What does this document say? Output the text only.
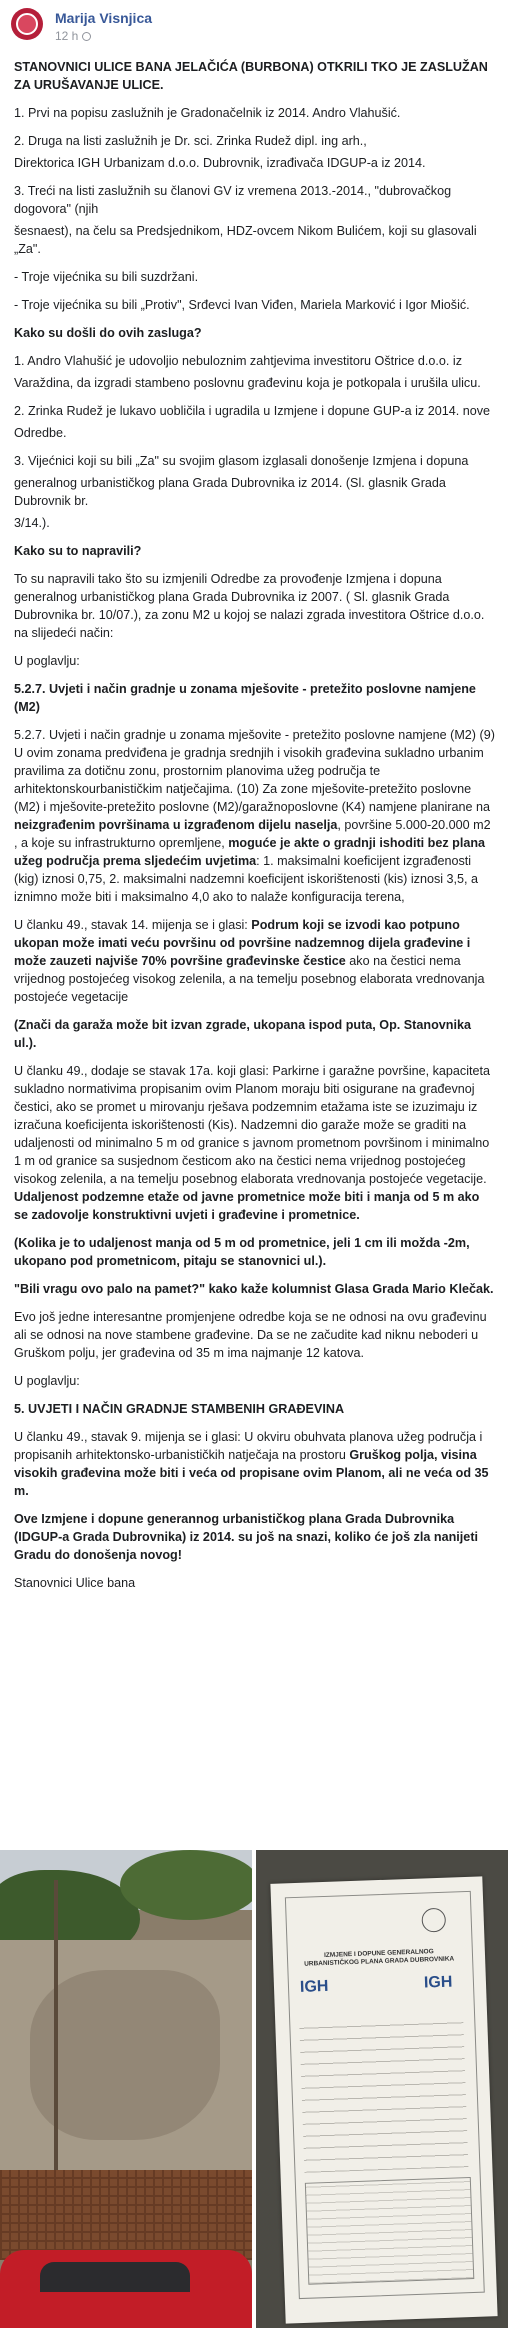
Marija Visnjica
12 h

STANOVNICI ULICE BANA JELAČIĆA (BURBONA) OTKRILI TKO JE ZASLUŽAN ZA URUŠAVANJE ULICE.

1. Prvi na popisu zaslužnih je Gradonačelnik iz 2014. Andro Vlahušić.

2. Druga na listi zaslužnih je Dr. sci. Zrinka Rudež dipl. ing arh.,

Direktorica IGH Urbanizam d.o.o. Dubrovnik, izrađivača IDGUP-a iz 2014.

3. Treći na listi zaslužnih su članovi GV iz vremena 2013.-2014., "dubrovačkog dogovora" (njih

šesnaest), na čelu sa Predsjednikom, HDZ-ovcem Nikom Bulićem, koji su glasovali „Za".

- Troje vijećnika su bili suzdržani.

- Troje vijećnika su bili „Protiv", Srđevci Ivan Viđen, Mariela Marković i Igor Miošić.

Kako su došli do ovih zasluga?

1. Andro Vlahušić je udovoljio nebuloznim zahtjevima investitoru Oštrice d.o.o. iz

Varaždina, da izgradi stambeno poslovnu građevinu koja je potkopala i urušila ulicu.

2. Zrinka Rudež je lukavo uobličila i ugradila u Izmjene i dopune GUP-a iz 2014. nove

Odredbe.

3. Vijećnici koji su bili „Za" su svojim glasom izglasali donošenje Izmjena i dopuna

generalnog urbanističkog plana Grada Dubrovnika iz 2014. (Sl. glasnik Grada Dubrovnik br.

3/14.).

Kako su to napravili?

To su napravili tako što su izmjenili Odredbe za provođenje Izmjena i dopuna generalnog urbanističkog plana Grada Dubrovnika iz 2007. ( Sl. glasnik Grada Dubrovnika br. 10/07.), za zonu M2 u kojoj se nalazi zgrada investitora Oštrice d.o.o. na slijedeći način:

U poglavlju:

5.2.7. Uvjeti i način gradnje u zonama mješovite - pretežito poslovne namjene (M2)

5.2.7. Uvjeti i način gradnje u zonama mješovite - pretežito poslovne namjene (M2) (9) U ovim zonama predviđena je gradnja srednjih i visokih građevina sukladno urbanim pravilima za dotičnu zonu, prostornim planovima užeg područja te arhitektonskourbanističkim natječajima. (10) Za zone mješovite-pretežito poslovne (M2) i mješovite-pretežito poslovne (M2)/garažnoposlovne (K4) namjene planirane na neizgrađenim površinama u izgrađenom dijelu naselja, površine 5.000-20.000 m2 , a koje su infrastrukturno opremljene, moguće je akte o gradnji ishoditi bez plana užeg područja prema sljedećim uvjetima: 1. maksimalni koeficijent izgrađenosti (kig) iznosi 0,75, 2. maksimalni nadzemni koeficijent iskorištenosti (kis) iznosi 3,5, a iznimno može biti i maksimalno 4,0 ako to nalaže konfiguracija terena,

U članku 49., stavak 14. mijenja se i glasi: Podrum koji se izvodi kao potpuno ukopan može imati veću površinu od površine nadzemnog dijela građevine i može zauzeti najviše 70% površine građevinske čestice ako na čestici nema vrijednog postojećeg visokog zelenila, a na temelju posebnog elaborata vrednovanja postojeće vegetacije

(Znači da garaža može bit izvan zgrade, ukopana ispod puta, Op. Stanovnika ul.).

U članku 49., dodaje se stavak 17a. koji glasi: Parkirne i garažne površine, kapaciteta sukladno normativima propisanim ovim Planom moraju biti osigurane na građevnoj čestici, ako se promet u mirovanju rješava podzemnim etažama iste se izuzimaju iz izračuna koeficijenta iskorištenosti (Kis). Nadzemni dio garaže može se graditi na udaljenosti od minimalno 5 m od granice s javnom prometnom površinom i minimalno 1 m od granice sa susjednom česticom ako na čestici nema vrijednog postojećeg visokog zelenila, a na temelju posebnog elaborata vrednovanja postojeće vegetacije. Udaljenost podzemne etaže od javne prometnice može biti i manja od 5 m ako se zadovolje konstruktivni uvjeti i građevine i prometnice.

(Kolika je to udaljenost manja od 5 m od prometnice, jeli 1 cm ili možda -2m, ukopano pod prometnicom, pitaju se stanovnici ul.).

"Bili vragu ovo palo na pamet?" kako kaže kolumnist Glasa Grada Mario Klečak.

Evo još jedne interesantne promjenjene odredbe koja se ne odnosi na ovu građevinu ali se odnosi na nove stambene građevine. Da se ne začudite kad niknu neboderi u Gruškom polju, jer građevina od 35 m ima najmanje 12 katova.

U poglavlju:

5. UVJETI I NAČIN GRADNJE STAMBENIH GRAĐEVINA

U članku 49., stavak 9. mijenja se i glasi: U okviru obuhvata planova užeg područja i propisanih arhitektonsko-urbanističkih natječaja na prostoru Gruškog polja, visina visokih građevina može biti i veća od propisane ovim Planom, ali ne veća od 35 m.

Ove Izmjene i dopune generannog urbanističkog plana Grada Dubrovnika (IDGUP-a Grada Dubrovnika) iz 2014. su još na snazi, koliko će još zla nanijeti Gradu do donošenja novog!

Stanovnici Ulice bana

IZMJENE I DOPUNE GENERALNOG URBANISTIČKOG PLANA GRADA DUBROVNIKA
IGH	IGH
